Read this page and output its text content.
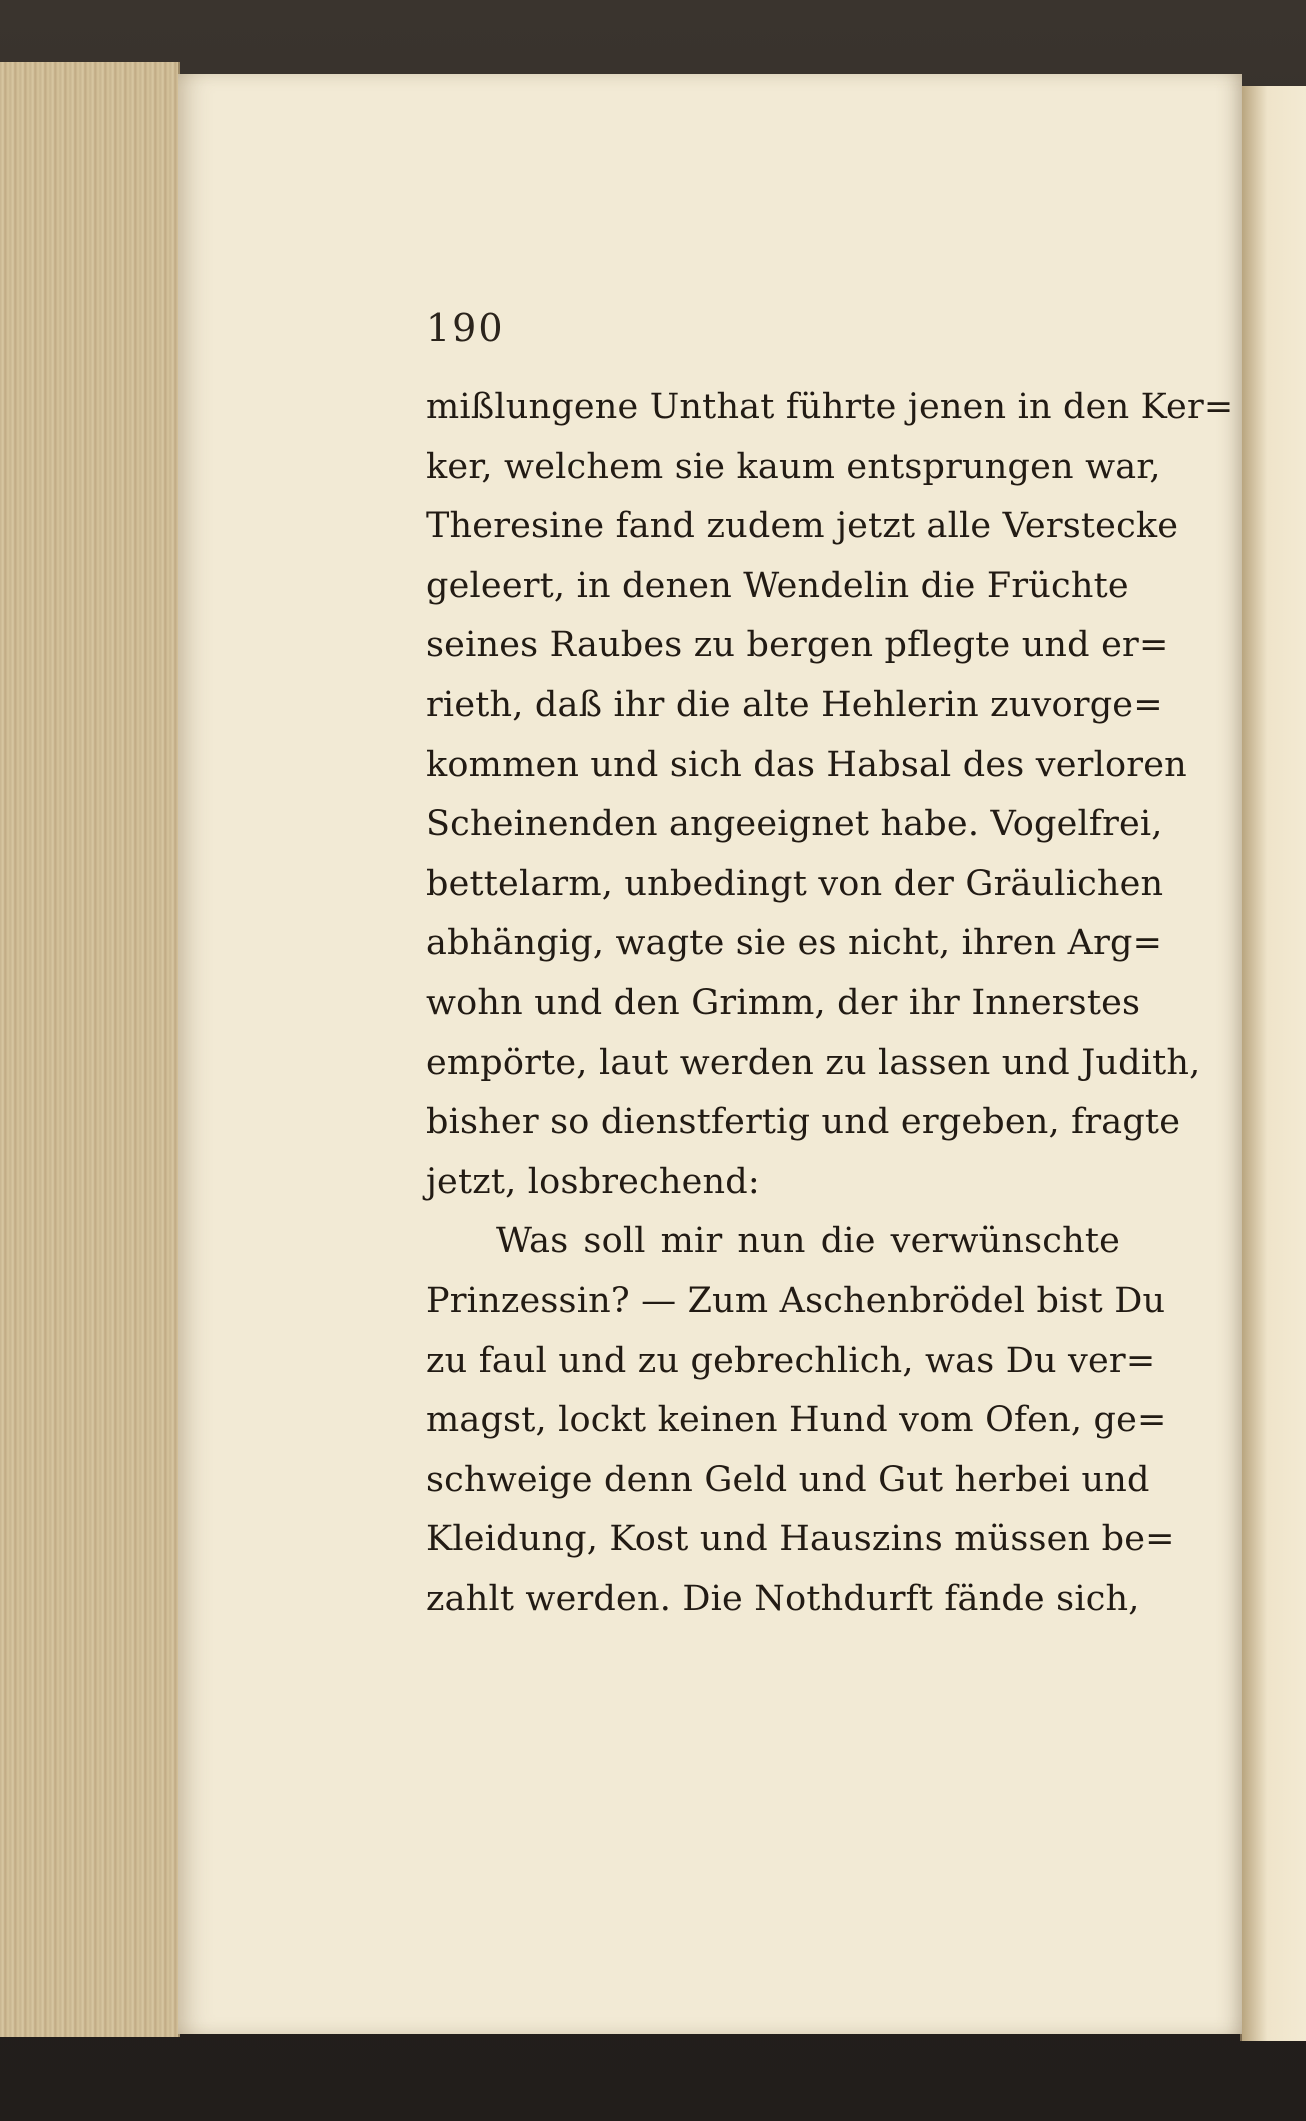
190
mißlungene Unthat führte jenen in den Ker=
ker, welchem sie kaum entsprungen war,
Theresine fand zudem jetzt alle Verstecke
geleert, in denen Wendelin die Früchte
seines Raubes zu bergen pflegte und er=
rieth, daß ihr die alte Hehlerin zuvorge=
kommen und sich das Habsal des verloren
Scheinenden angeeignet habe. Vogelfrei,
bettelarm, unbedingt von der Gräulichen
abhängig, wagte sie es nicht, ihren Arg=
wohn und den Grimm, der ihr Innerstes
empörte, laut werden zu lassen und Judith,
bisher so dienstfertig und ergeben, fragte
jetzt, losbrechend:
Was soll mir nun die verwünschte
Prinzessin? — Zum Aschenbrödel bist Du
zu faul und zu gebrechlich, was Du ver=
magst, lockt keinen Hund vom Ofen, ge=
schweige denn Geld und Gut herbei und
Kleidung, Kost und Hauszins müssen be=
zahlt werden. Die Nothdurft fände sich,
